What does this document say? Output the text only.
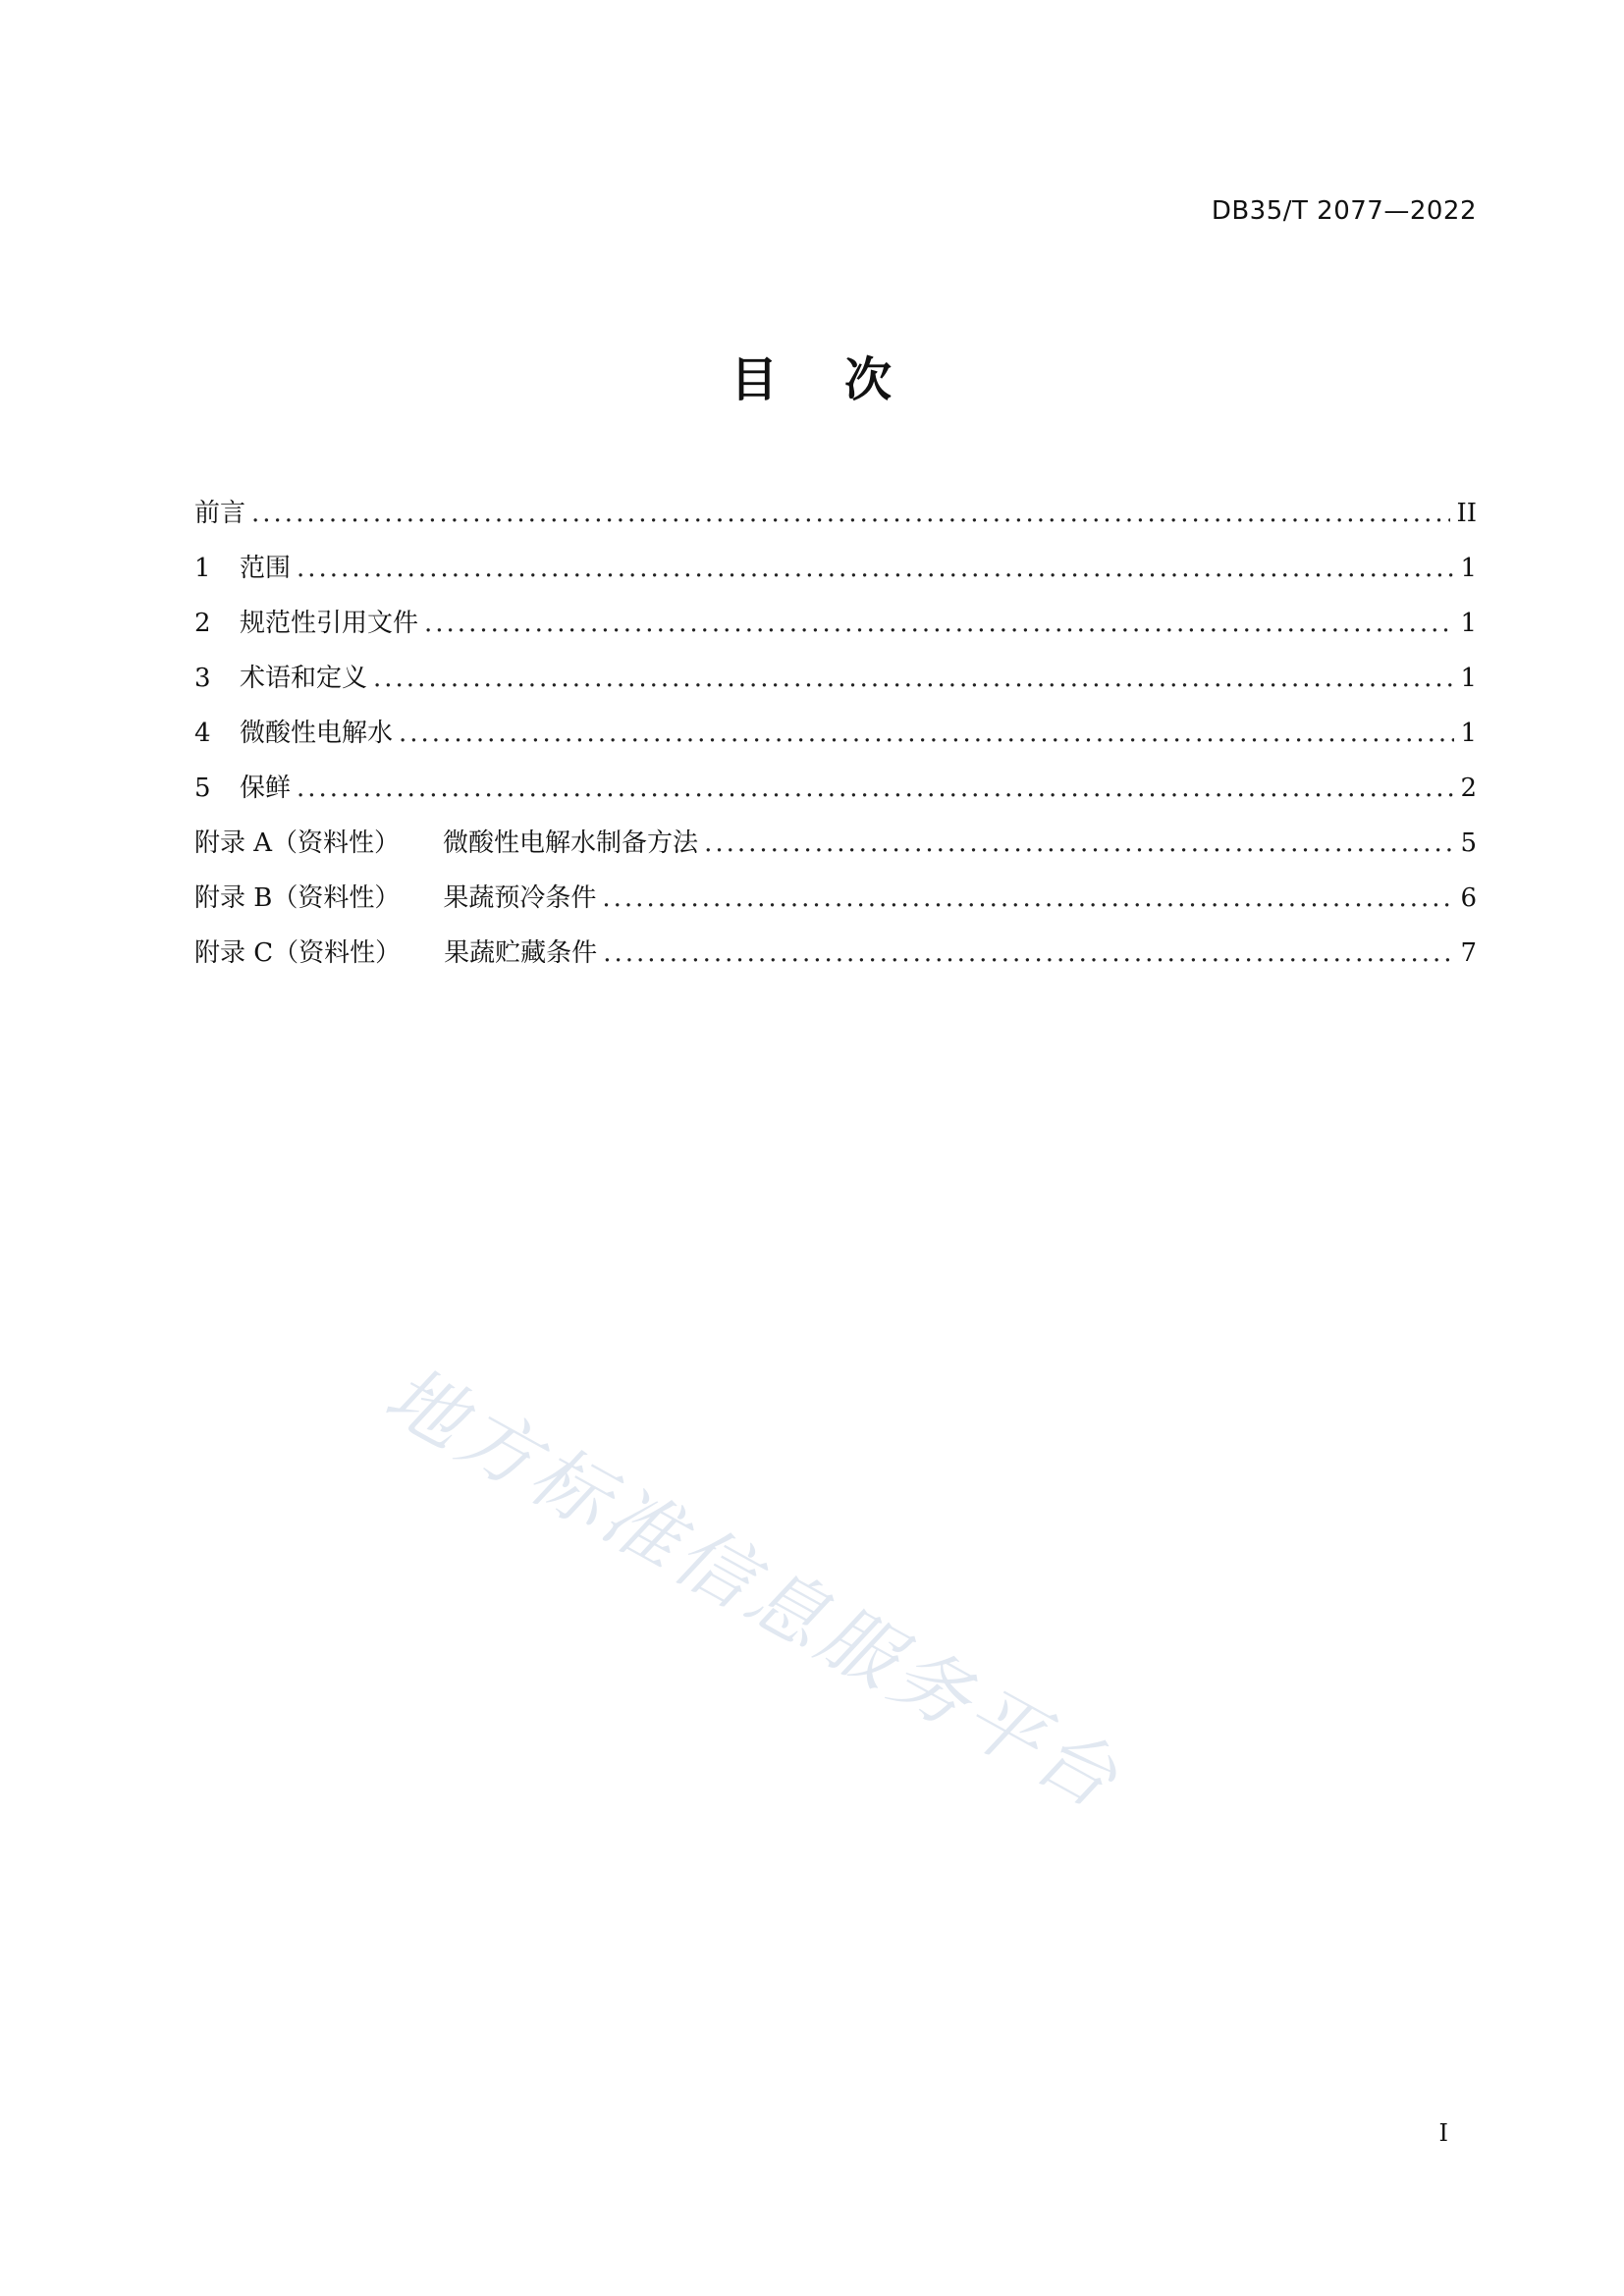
DB35/T 2077—2022
目 次
前言 .....	II
1	范围 .....	1
2	规范性引用文件 .....	1
3	术语和定义 .....	1
4	微酸性电解水 .....	1
5	保鲜 .....	2
附录 A（资料性） 微酸性电解水制备方法 .....	5
附录 B（资料性） 果蔬预冷条件 .....	6
附录 C（资料性） 果蔬贮藏条件 .....	7
地方标准信息服务平台
I
